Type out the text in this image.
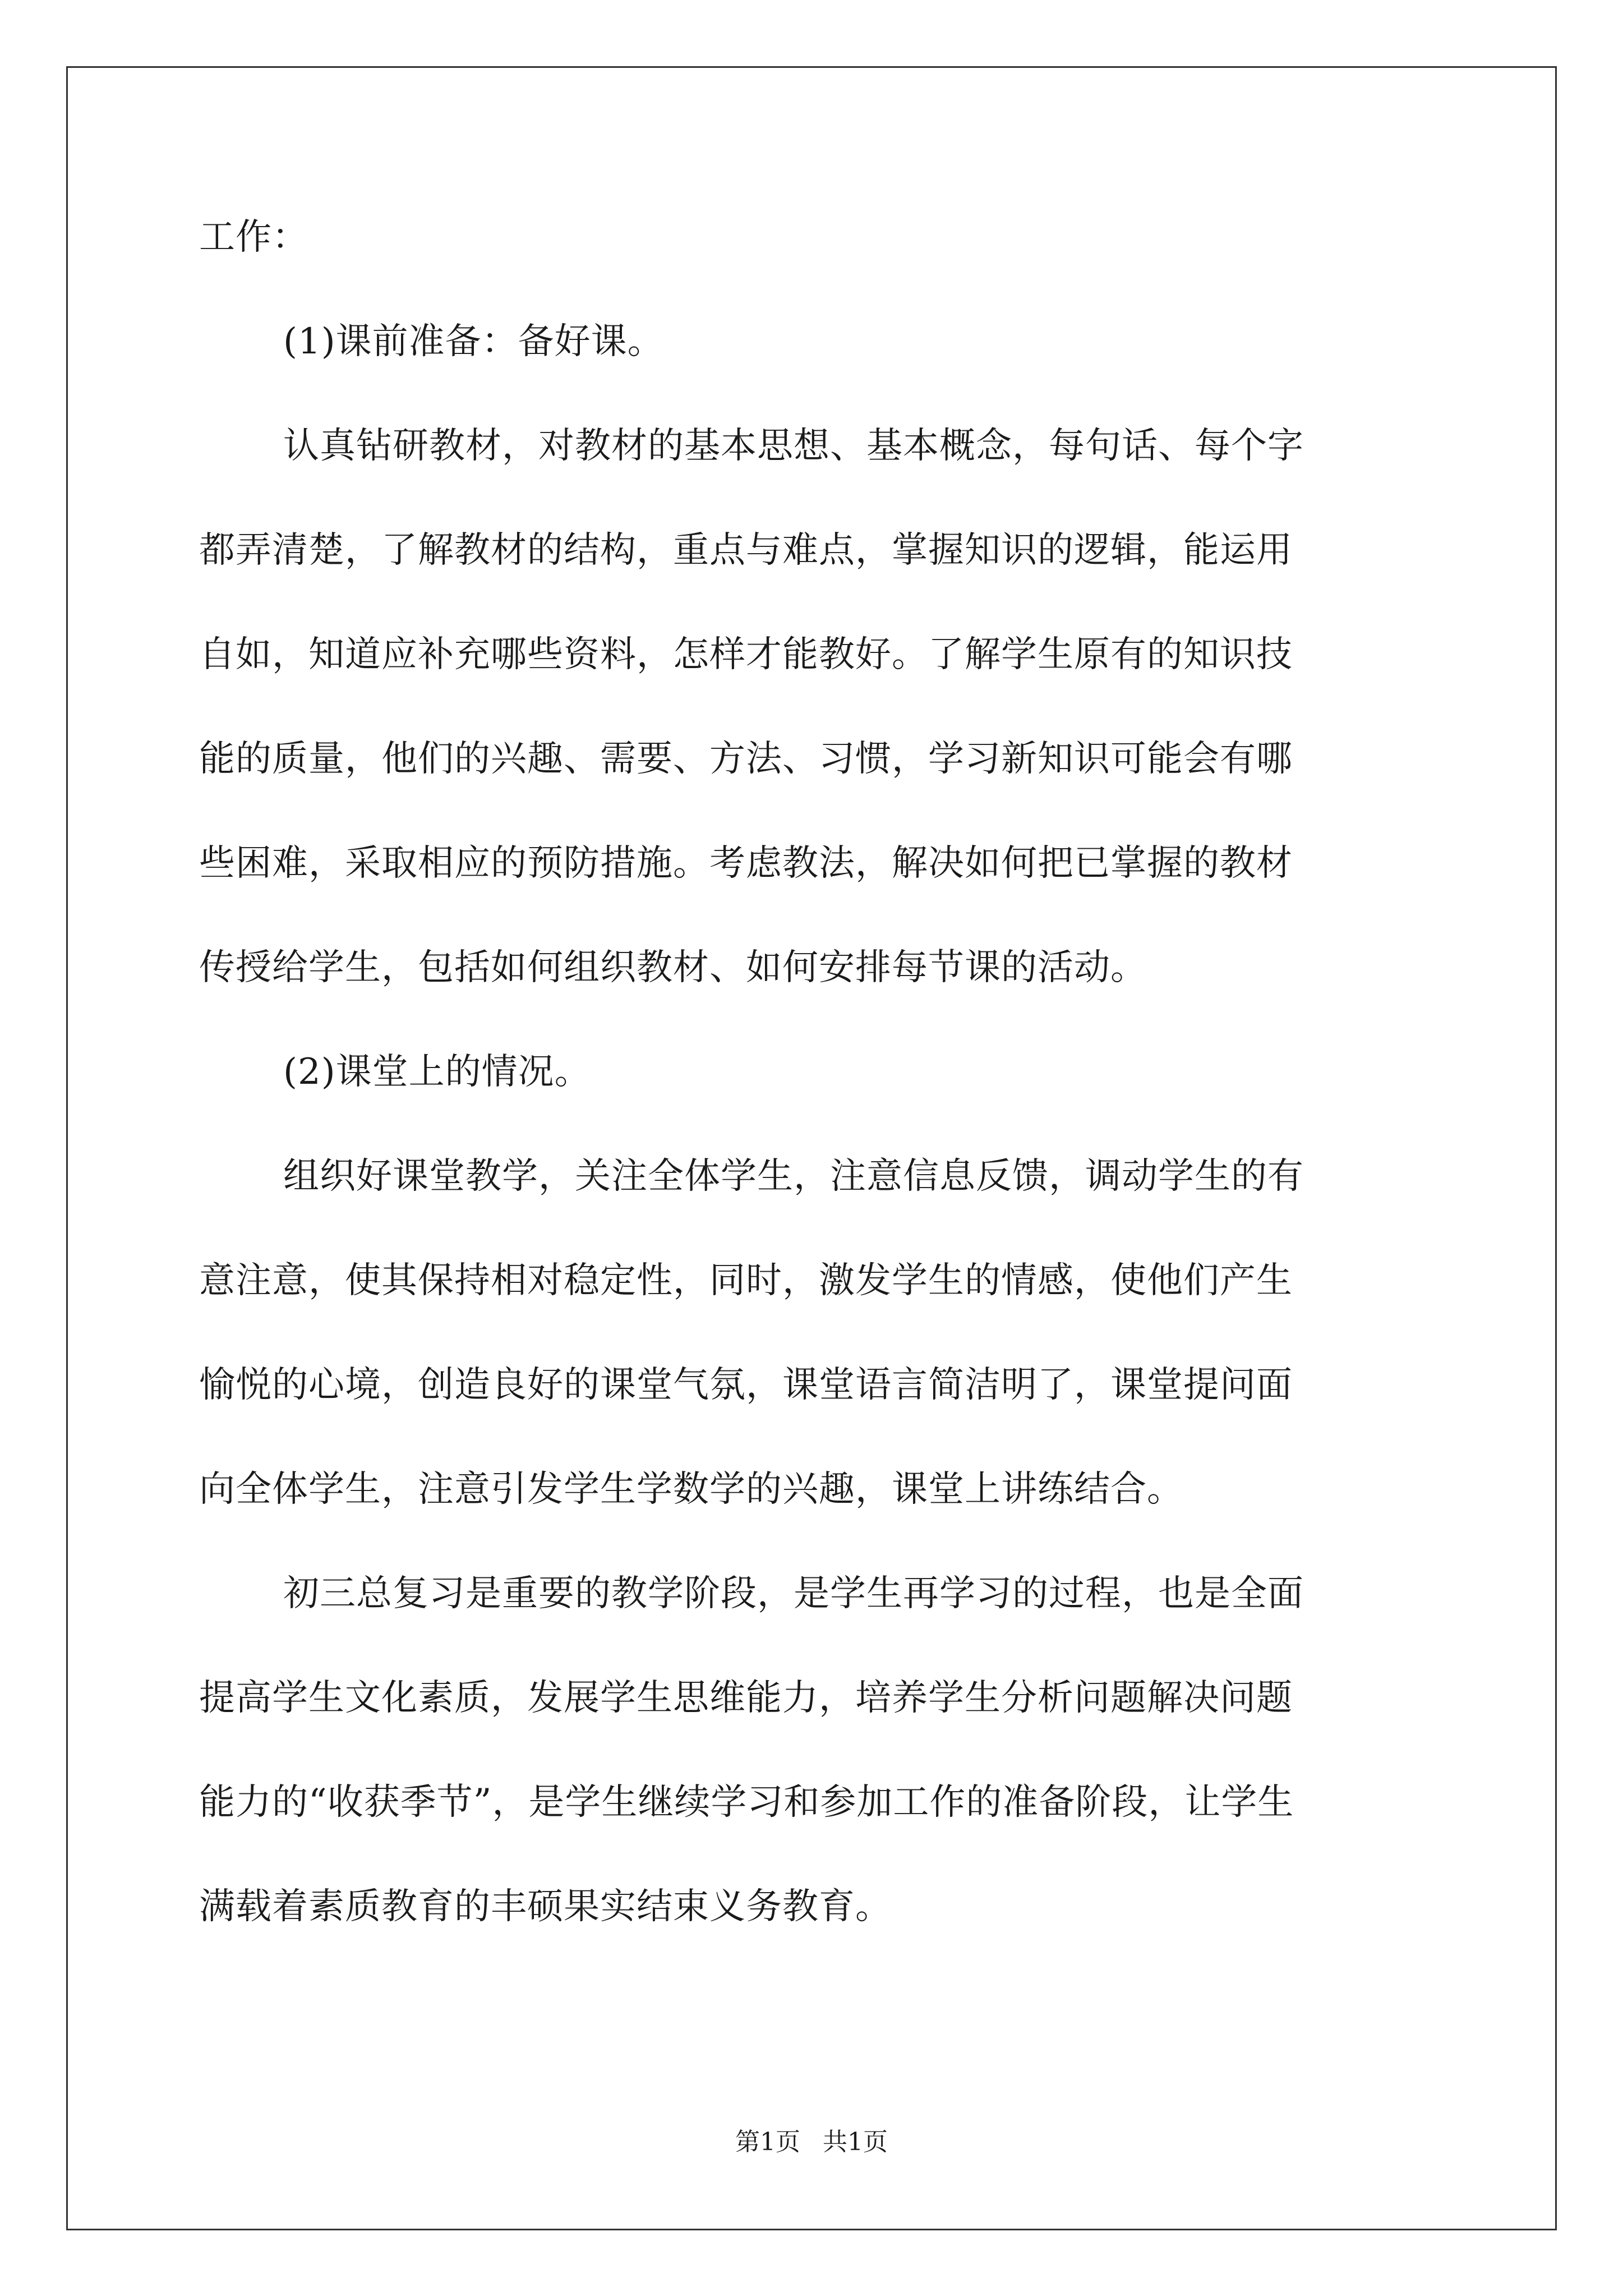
工作：
(1)课前准备：备好课。
认真钻研教材，对教材的基本思想、基本概念，每句话、每个字
都弄清楚，了解教材的结构，重点与难点，掌握知识的逻辑，能运用
自如，知道应补充哪些资料，怎样才能教好。了解学生原有的知识技
能的质量，他们的兴趣、需要、方法、习惯，学习新知识可能会有哪
些困难，采取相应的预防措施。考虑教法，解决如何把已掌握的教材
传授给学生，包括如何组织教材、如何安排每节课的活动。
(2)课堂上的情况。
组织好课堂教学，关注全体学生，注意信息反馈，调动学生的有
意注意，使其保持相对稳定性，同时，激发学生的情感，使他们产生
愉悦的心境，创造良好的课堂气氛，课堂语言简洁明了，课堂提问面
向全体学生，注意引发学生学数学的兴趣，课堂上讲练结合。
初三总复习是重要的教学阶段，是学生再学习的过程，也是全面
提高学生文化素质，发展学生思维能力，培养学生分析问题解决问题
能力的“收获季节”，是学生继续学习和参加工作的准备阶段，让学生
满载着素质教育的丰硕果实结束义务教育。
第1页 共1页
